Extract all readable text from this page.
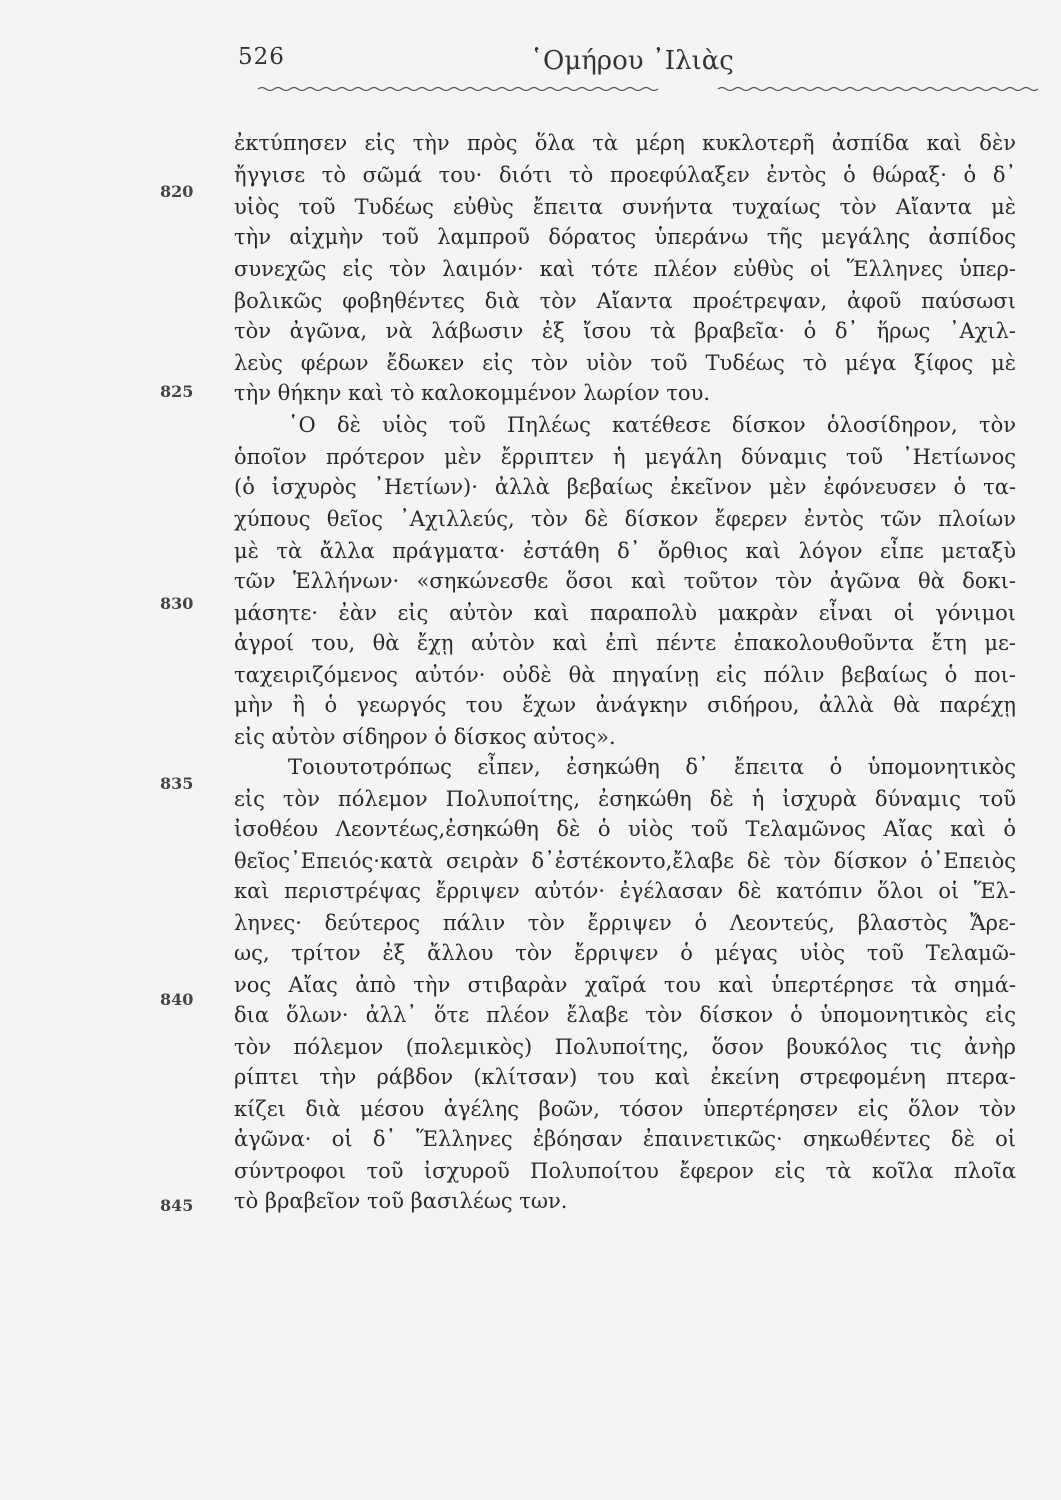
526	῾Ομήρου ᾿Ιλιὰς
820
825
830
835
840
845
ἐκτύπησεν εἰς τὴν πρὸς ὅλα τὰ μέρη κυκλοτερῆ ἀσπίδα καὶ δὲν
ἤγγισε τὸ σῶμά του· διότι τὸ προεφύλαξεν ἐντὸς ὁ θώραξ· ὁ δ᾽
υἱὸς τοῦ Τυδέως εὐθὺς ἔπειτα συνήντα τυχαίως τὸν Αἴαντα μὲ
τὴν αἰχμὴν τοῦ λαμπροῦ δόρατος ὑπεράνω τῆς μεγάλης ἀσπίδος
συνεχῶς εἰς τὸν λαιμόν· καὶ τότε πλέον εὐθὺς οἱ Ἕλληνες ὑπερ-
βολικῶς φοβηθέντες διὰ τὸν Αἴαντα προέτρεψαν, ἀφοῦ παύσωσι
τὸν ἀγῶνα, νὰ λάβωσιν ἐξ ἴσου τὰ βραβεῖα· ὁ δ᾽ ἥρως ᾿Αχιλ-
λεὺς φέρων ἔδωκεν εἰς τὸν υἱὸν τοῦ Τυδέως τὸ μέγα ξίφος μὲ
τὴν θήκην καὶ τὸ καλοκομμένον λωρίον του.
῾Ο δὲ υἱὸς τοῦ Πηλέως κατέθεσε δίσκον ὁλοσίδηρον, τὸν
ὁποῖον πρότερον μὲν ἔρριπτεν ἡ μεγάλη δύναμις τοῦ ᾿Ηετίωνος
(ὁ ἰσχυρὸς ᾿Ηετίων)· ἀλλὰ βεβαίως ἐκεῖνον μὲν ἐφόνευσεν ὁ τα-
χύπους θεῖος ᾿Αχιλλεύς, τὸν δὲ δίσκον ἔφερεν ἐντὸς τῶν πλοίων
μὲ τὰ ἄλλα πράγματα· ἐστάθη δ᾽ ὄρθιος καὶ λόγον εἶπε μεταξὺ
τῶν Ἑλλήνων· «σηκώνεσθε ὅσοι καὶ τοῦτον τὸν ἀγῶνα θὰ δοκι-
μάσητε· ἐὰν εἰς αὐτὸν καὶ παραπολὺ μακρὰν εἶναι οἱ γόνιμοι
ἀγροί του, θὰ ἔχῃ αὐτὸν καὶ ἐπὶ πέντε ἐπακολουθοῦντα ἔτη με-
ταχειριζόμενος αὐτόν· οὐδὲ θὰ πηγαίνῃ εἰς πόλιν βεβαίως ὁ ποι-
μὴν ἢ ὁ γεωργός του ἔχων ἀνάγκην σιδήρου, ἀλλὰ θὰ παρέχῃ
εἰς αὐτὸν σίδηρον ὁ δίσκος αὐτος».
Τοιουτοτρόπως εἶπεν, ἐσηκώθη δ᾽ ἔπειτα ὁ ὑπομονητικὸς
εἰς τὸν πόλεμον Πολυποίτης, ἐσηκώθη δὲ ἡ ἰσχυρὰ δύναμις τοῦ
ἰσοθέου Λεοντέως,ἐσηκώθη δὲ ὁ υἱὸς τοῦ Τελαμῶνος Αἴας καὶ ὁ
θεῖος᾽Επειός·κατὰ σειρὰν δ᾽ἐστέκοντο,ἔλαβε δὲ τὸν δίσκον ὁ᾽Επειὸς
καὶ περιστρέψας ἔρριψεν αὐτόν· ἐγέλασαν δὲ κατόπιν ὅλοι οἱ Ἕλ-
ληνες· δεύτερος πάλιν τὸν ἔρριψεν ὁ Λεοντεύς, βλαστὸς Ἄρε-
ως, τρίτον ἐξ ἄλλου τὸν ἔρριψεν ὁ μέγας υἱὸς τοῦ Τελαμῶ-
νος Αἴας ἀπὸ τὴν στιβαρὰν χαῖρά του καὶ ὑπερτέρησε τὰ σημά-
δια ὅλων· ἀλλ᾽ ὅτε πλέον ἔλαβε τὸν δίσκον ὁ ὑπομονητικὸς εἰς
τὸν πόλεμον (πολεμικὸς) Πολυποίτης, ὅσον βουκόλος τις ἀνὴρ
ρίπτει τὴν ράβδον (κλίτσαν) του καὶ ἐκείνη στρεφομένη πτερα-
κίζει διὰ μέσου ἀγέλης βοῶν, τόσον ὑπερτέρησεν εἰς ὅλον τὸν
ἀγῶνα· οἱ δ᾽ Ἕλληνες ἐβόησαν ἐπαινετικῶς· σηκωθέντες δὲ οἱ
σύντροφοι τοῦ ἰσχυροῦ Πολυποίτου ἔφερον εἰς τὰ κοῖλα πλοῖα
τὸ βραβεῖον τοῦ βασιλέως των.
